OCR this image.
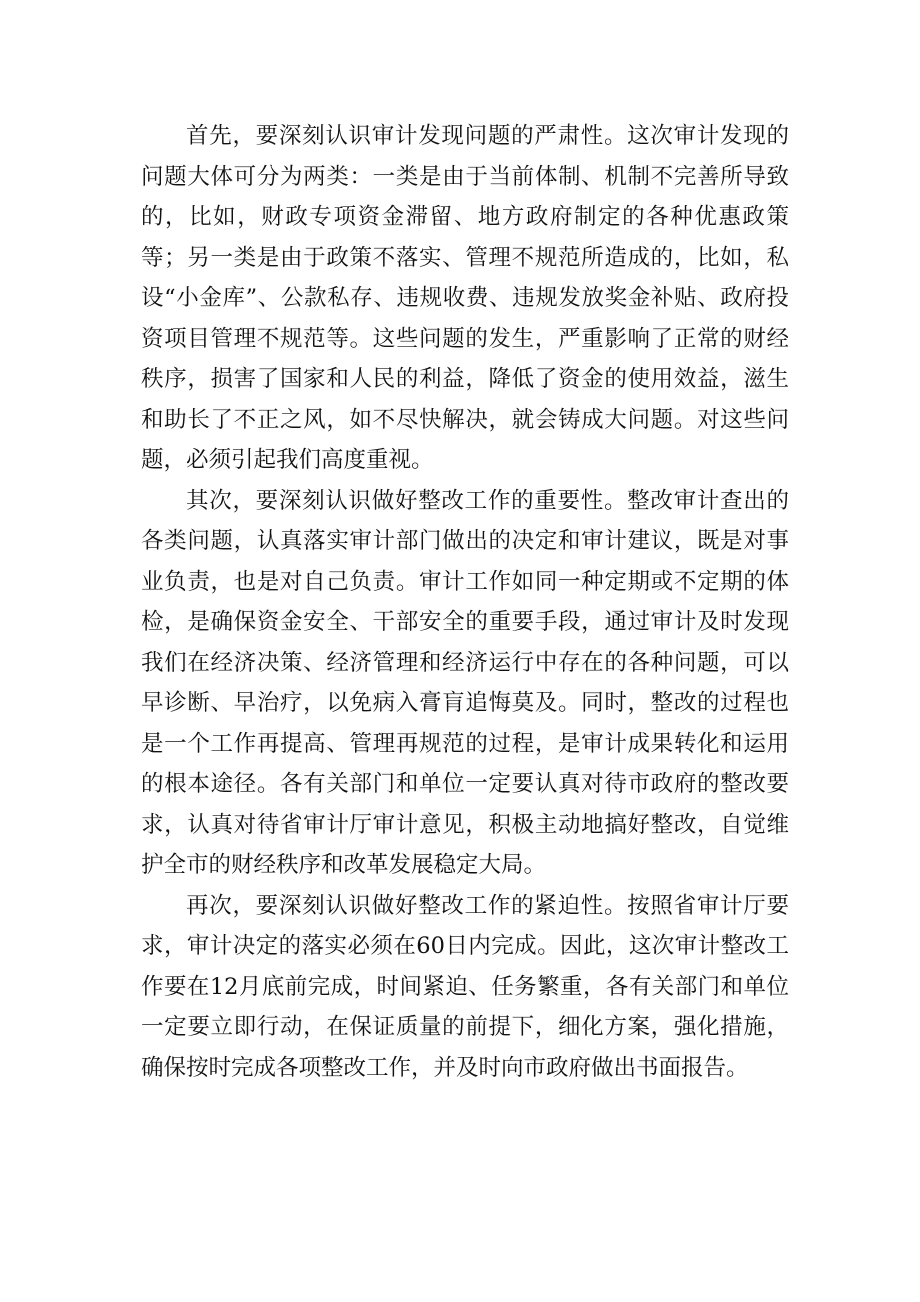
首先，要深刻认识审计发现问题的严肃性。这次审计发现的问题大体可分为两类：一类是由于当前体制、机制不完善所导致的，比如，财政专项资金滞留、地方政府制定的各种优惠政策等；另一类是由于政策不落实、管理不规范所造成的，比如，私设“小金库”、公款私存、违规收费、违规发放奖金补贴、政府投资项目管理不规范等。这些问题的发生，严重影响了正常的财经秩序，损害了国家和人民的利益，降低了资金的使用效益，滋生和助长了不正之风，如不尽快解决，就会铸成大问题。对这些问题，必须引起我们高度重视。

其次，要深刻认识做好整改工作的重要性。整改审计查出的各类问题，认真落实审计部门做出的决定和审计建议，既是对事业负责，也是对自己负责。审计工作如同一种定期或不定期的体检，是确保资金安全、干部安全的重要手段，通过审计及时发现我们在经济决策、经济管理和经济运行中存在的各种问题，可以早诊断、早治疗，以免病入膏肓追悔莫及。同时，整改的过程也是一个工作再提高、管理再规范的过程，是审计成果转化和运用的根本途径。各有关部门和单位一定要认真对待市政府的整改要求，认真对待省审计厅审计意见，积极主动地搞好整改，自觉维护全市的财经秩序和改革发展稳定大局。

再次，要深刻认识做好整改工作的紧迫性。按照省审计厅要求，审计决定的落实必须在60日内完成。因此，这次审计整改工作要在12月底前完成，时间紧迫、任务繁重，各有关部门和单位一定要立即行动，在保证质量的前提下，细化方案，强化措施，确保按时完成各项整改工作，并及时向市政府做出书面报告。
